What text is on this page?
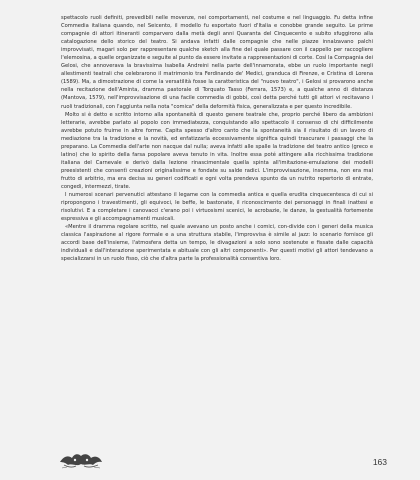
spettacolo ruoli definiti, prevedibili nelle movenze, nei comportamenti, nel costume e nel linguaggio. Fu detta infine Commedia italiana quando, nel Seicento, il modello fu esportato fuori d'Italia e conobbe grande seguito. Le prime compagnie di attori itineranti comparvero dalla metà degli anni Quaranta del Cinquecento e subito sfuggirono alla catalogazione dello storico del teatro. Si andava infatti dalle compagnie che nelle piazze innalzavano palchi improvvisati, magari solo per rappresentare qualche sketch alla fine del quale passare con il cappello per raccogliere l'elemosina, a quelle organizzate e seguite al punto da essere invitate a rappresentazioni di corte. Così la Compagnia dei Gelosi, che annoverava la bravissima Isabella Andreini nella parte dell'innamorata, ebbe un ruolo importante negli allestimenti teatrali che celebrarono il matrimonio tra Ferdinando de' Medici, granduca di Firenze, e Cristina di Lorena (1589). Ma, a dimostrazione di come la versatilità fosse la caratteristica del "nuovo teatro", i Gelosi si provarono anche nella recitazione dell'Aminta, dramma pastorale di Torquato Tasso (Ferrara, 1573) e, a qualche anno di distanza (Mantova, 1579), nell'improvvisazione di una facile commedia di gobbi, così detta perché tutti gli attori vi recitavano i ruoli tradizionali, con l'aggiunta nella nota "comica" della deformità fisica, generalizzata e per questo incredibile.

Molto si è detto e scritto intorno alla spontaneità di questo genere teatrale che, proprio perché libero da ambizioni letterarie, avrebbe parlato al popolo con immediatezza, conquistando allo spettacolo il consenso di chi difficilmente avrebbe potuto fruirne in altre forme. Capita spesso d'altro canto che la spontaneità sia il risultato di un lavoro di mediazione tra la tradizione e la novità, ed enfatizzarla eccessivamente significa quindi trascurare i passaggi che la preparano. La Commedia dell'arte non nacque dal nulla; aveva infatti alle spalle la tradizione del teatro antico (greco e latino) che lo spirito della farsa popolare aveva tenuto in vita. Inoltre essa poté attingere alla ricchissima tradizione italiana del Carnevale e derivò dalla lezione rinascimentale quella spinta all'imitazione-emulazione dei modelli preesistenti che consentì creazioni originalissime e fondate su salde radici. L'improvvisazione, insomma, non era mai frutto di arbitrio, ma era decisa su generi codificati e ogni volta prendeva spunto da un nutrito repertorio di entrate, congedi, intermezzi, tirate.

I numerosi scenari pervenutici attestano il legame con la commedia antica e quella erudita cinquecentesca di cui si ripropongono i travestimenti, gli equivoci, le beffe, le bastonate, il riconoscimento dei personaggi in finali inattesi e risolutivi. E a completare i canovacci c'erano poi i virtuosismi scenici, le acrobazie, le danze, la gestualità fortemente espressiva e gli accompagnamenti musicali.

«Mentre il dramma regolare scritto, nel quale avevano un posto anche i comici, con-divide con i generi della musica classica l'aspirazione al rigore formale e a una struttura stabile, l'improvvisa è simile al jazz: lo scenario fornisce gli accordi base dell'insieme, l'atmosfera detta un tempo, le divagazioni a solo sono sostenute e fissate dalle capacità individuali e dall'interazione sperimentata e abituale con gli altri componenti». Per questi motivi gli attori tendevano a specializzarsi in un ruolo fisso, ciò che d'altra parte la professionalità consentiva loro.

163
